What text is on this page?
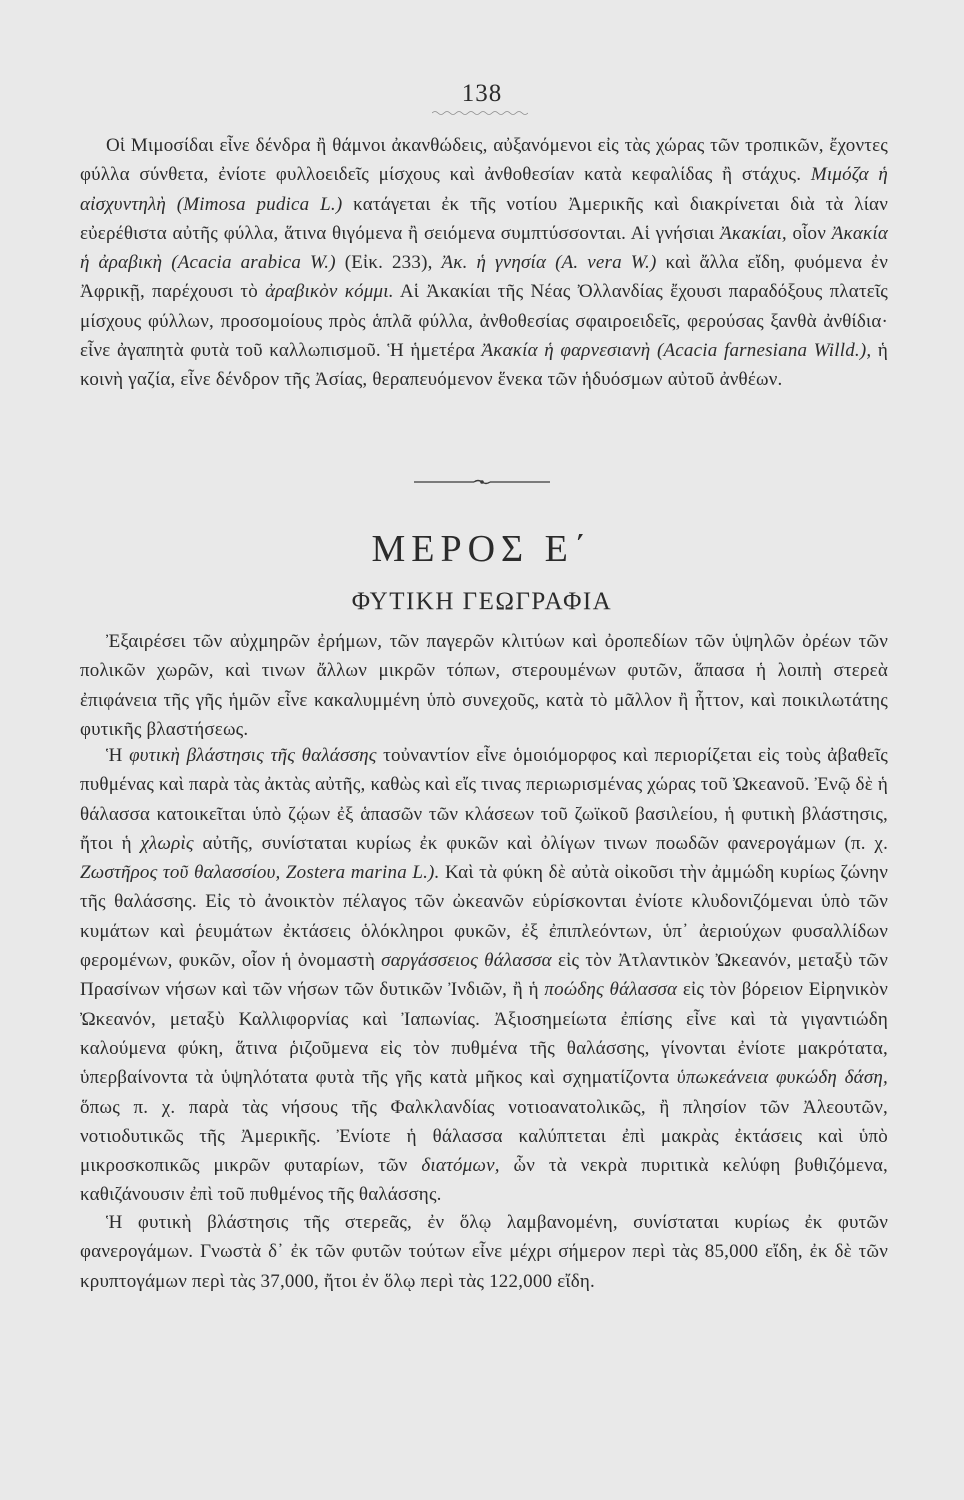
138

Οἱ Μιμοσίδαι εἶνε δένδρα ἢ θάμνοι ἀκανθώδεις, αὐξανόμενοι εἰς τὰς χώρας τῶν τροπικῶν, ἔχοντες φύλλα σύνθετα, ἐνίοτε φυλλοειδεῖς μίσχους καὶ ἀνθοθεσίαν κατὰ κεφαλίδας ἢ στάχυς. Μιμόζα ἡ αἰσχυντηλὴ (Mimosa pudica L.) κατάγεται ἐκ τῆς νοτίου Ἀμερικῆς καὶ διακρίνεται διὰ τὰ λίαν εὐερέθιστα αὐτῆς φύλλα, ἅτινα θιγόμενα ἢ σειόμενα συμπτύσσονται. Αἱ γνήσιαι Ἀκακίαι, οἷον Ἀκακία ἡ ἀραβικὴ (Acacia arabica W.) (Εἰκ. 233), Ἀκ. ἡ γνησία (A. vera W.) καὶ ἄλλα εἴδη, φυόμενα ἐν Ἀφρικῇ, παρέχουσι τὸ ἀραβικὸν κόμμι. Αἱ Ἀκακίαι τῆς Νέας Ὀλλανδίας ἔχουσι παραδόξους πλατεῖς μίσχους φύλλων, προσομοίους πρὸς ἁπλᾶ φύλλα, ἀνθοθεσίας σφαιροειδεῖς, φερούσας ξανθὰ ἀνθίδια· εἶνε ἀγαπητὰ φυτὰ τοῦ καλλωπισμοῦ. Ἡ ἡμετέρα Ἀκακία ἡ φαρνεσιανὴ (Acacia farnesiana Willd.), ἡ κοινὴ γαζία, εἶνε δένδρον τῆς Ἀσίας, θεραπευόμενον ἕνεκα τῶν ἡδυόσμων αὐτοῦ ἀνθέων.

ΜΕΡΟΣ Ε΄
ΦΥΤΙΚΗ ΓΕΩΓΡΑΦΙΑ

Ἐξαιρέσει τῶν αὐχμηρῶν ἐρήμων, τῶν παγερῶν κλιτύων καὶ ὀροπεδίων τῶν ὑψηλῶν ὀρέων τῶν πολικῶν χωρῶν, καὶ τινων ἄλλων μικρῶν τόπων, στερουμένων φυτῶν, ἅπασα ἡ λοιπὴ στερεὰ ἐπιφάνεια τῆς γῆς ἡμῶν εἶνε κακαλυμμένη ὑπὸ συνεχοῦς, κατὰ τὸ μᾶλλον ἢ ἧττον, καὶ ποικιλωτάτης φυτικῆς βλαστήσεως.

Ἡ φυτικὴ βλάστησις τῆς θαλάσσης τοὐναντίον εἶνε ὁμοιόμορφος καὶ περιορίζεται εἰς τοὺς ἀβαθεῖς πυθμένας καὶ παρὰ τὰς ἀκτὰς αὐτῆς, καθὼς καὶ εἴς τινας περιωρισμένας χώρας τοῦ Ὠκεανοῦ. Ἐνῷ δὲ ἡ θάλασσα κατοικεῖται ὑπὸ ζῴων ἐξ ἁπασῶν τῶν κλάσεων τοῦ ζωϊκοῦ βασιλείου, ἡ φυτικὴ βλάστησις, ἤτοι ἡ χλωρὶς αὐτῆς, συνίσταται κυρίως ἐκ φυκῶν καὶ ὀλίγων τινων ποωδῶν φανερογάμων (π. χ. Ζωστῆρος τοῦ θαλασσίου, Zostera marina L.). Καὶ τὰ φύκη δὲ αὐτὰ οἰκοῦσι τὴν ἀμμώδη κυρίως ζώνην τῆς θαλάσσης. Εἰς τὸ ἀνοικτὸν πέλαγος τῶν ὠκεανῶν εὑρίσκονται ἐνίοτε κλυδονιζόμεναι ὑπὸ τῶν κυμάτων καὶ ῥευμάτων ἐκτάσεις ὁλόκληροι φυκῶν, ἐξ ἐπιπλεόντων, ὑπ᾿ ἀεριούχων φυσαλλίδων φερομένων, φυκῶν, οἷον ἡ ὀνομαστὴ σαργάσσειος θάλασσα εἰς τὸν Ἀτλαντικὸν Ὠκεανόν, μεταξὺ τῶν Πρασίνων νήσων καὶ τῶν νήσων τῶν δυτικῶν Ἰνδιῶν, ἢ ἡ ποώδης θάλασσα εἰς τὸν βόρειον Εἰρηνικὸν Ὠκεανόν, μεταξὺ Καλλιφορνίας καὶ Ἰαπωνίας. Ἀξιοσημείωτα ἐπίσης εἶνε καὶ τὰ γιγαντιώδη καλούμενα φύκη, ἅτινα ῥιζοῦμενα εἰς τὸν πυθμένα τῆς θαλάσσης, γίνονται ἐνίοτε μακρότατα, ὑπερβαίνοντα τὰ ὑψηλότατα φυτὰ τῆς γῆς κατὰ μῆκος καὶ σχηματίζοντα ὑπωκεάνεια φυκώδη δάση, ὅπως π. χ. παρὰ τὰς νήσους τῆς Φαλκλανδίας νοτιοανατολικῶς, ἢ πλησίον τῶν Ἀλεουτῶν, νοτιοδυτικῶς τῆς Ἀμερικῆς. Ἐνίοτε ἡ θάλασσα καλύπτεται ἐπὶ μακρὰς ἐκτάσεις καὶ ὑπὸ μικροσκοπικῶς μικρῶν φυταρίων, τῶν διατόμων, ὧν τὰ νεκρὰ πυριτικὰ κελύφη βυθιζόμενα, καθιζάνουσιν ἐπὶ τοῦ πυθμένος τῆς θαλάσσης.

Ἡ φυτικὴ βλάστησις τῆς στερεᾶς, ἐν ὅλῳ λαμβανομένη, συνίσταται κυρίως ἐκ φυτῶν φανερογάμων. Γνωστὰ δ᾿ ἐκ τῶν φυτῶν τούτων εἶνε μέχρι σήμερον περὶ τὰς 85,000 εἴδη, ἐκ δὲ τῶν κρυπτογάμων περὶ τὰς 37,000, ἤτοι ἐν ὅλῳ περὶ τὰς 122,000 εἴδη.
